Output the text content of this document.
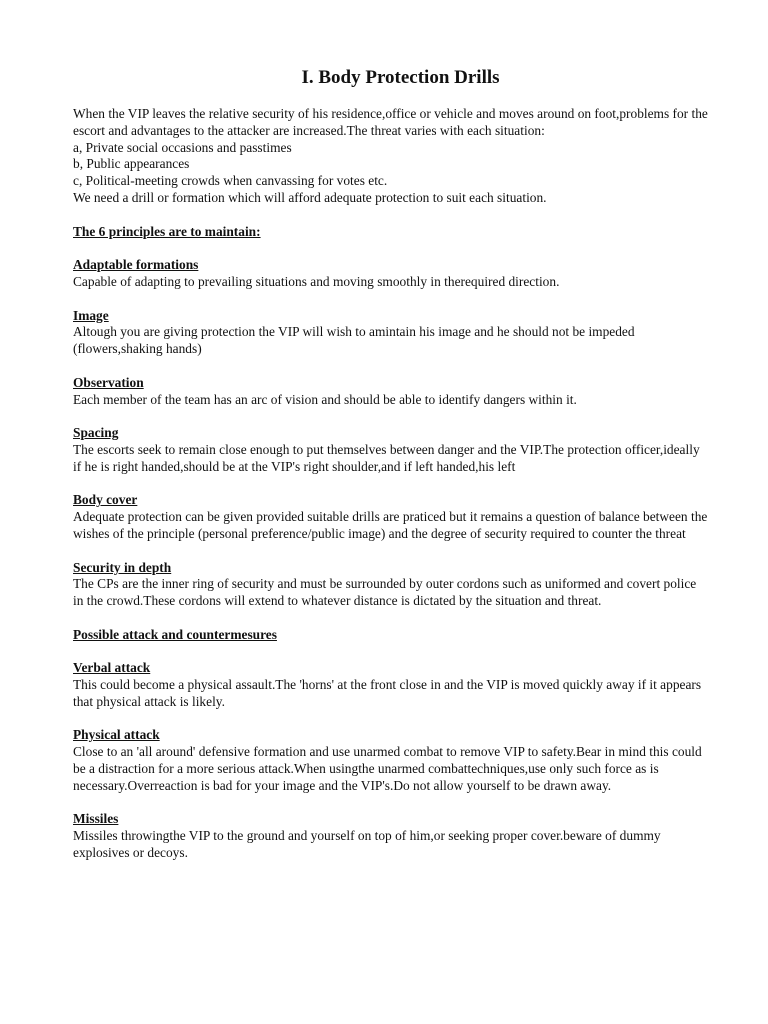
I. Body Protection Drills

When the VIP leaves the relative security of his residence,office or vehicle and moves around on foot,problems for the escort and advantages to the attacker are increased.The threat varies with each situation:

a, Private social occasions and passtimes

b, Public appearances

c, Political-meeting crowds when canvassing for votes etc.

We need a drill or formation which will afford adequate protection to suit each situation.

The 6 principles are to maintain:

Adaptable formations

Capable of adapting to prevailing situations and moving smoothly in therequired direction.

Image

Altough you are giving protection the VIP will wish to amintain his image and he should not be impeded (flowers,shaking hands)

Observation

Each member of the team has an arc of vision and should be able to identify dangers within it.

Spacing

The escorts seek to remain close enough to put themselves between danger and the VIP.The protection officer,ideally if he is right handed,should be at the VIP's right shoulder,and if left handed,his left

Body cover

Adequate protection can be given provided suitable drills are praticed but it remains a question of balance between the wishes of the principle (personal preference/public image) and the degree of security required to counter the threat

Security in depth

The CPs are the inner ring of security and must be surrounded by outer cordons such as uniformed and covert police in the crowd.These cordons will extend to whatever distance is dictated by the situation and threat.

Possible attack and countermesures

Verbal attack

This could become a physical assault.The 'horns' at the front close in and the VIP is moved quickly away if it appears that physical attack is likely.

Physical attack

Close to an 'all around' defensive formation and use unarmed combat to remove VIP to safety.Bear in mind this could be a distraction for a more serious attack.When usingthe unarmed combattechniques,use only such force as is necessary.Overreaction is bad for your image and the VIP's.Do not allow yourself to be drawn away.

Missiles

Missiles throwingthe VIP to the ground and yourself on top of him,or seeking proper cover.beware of dummy explosives or decoys.
